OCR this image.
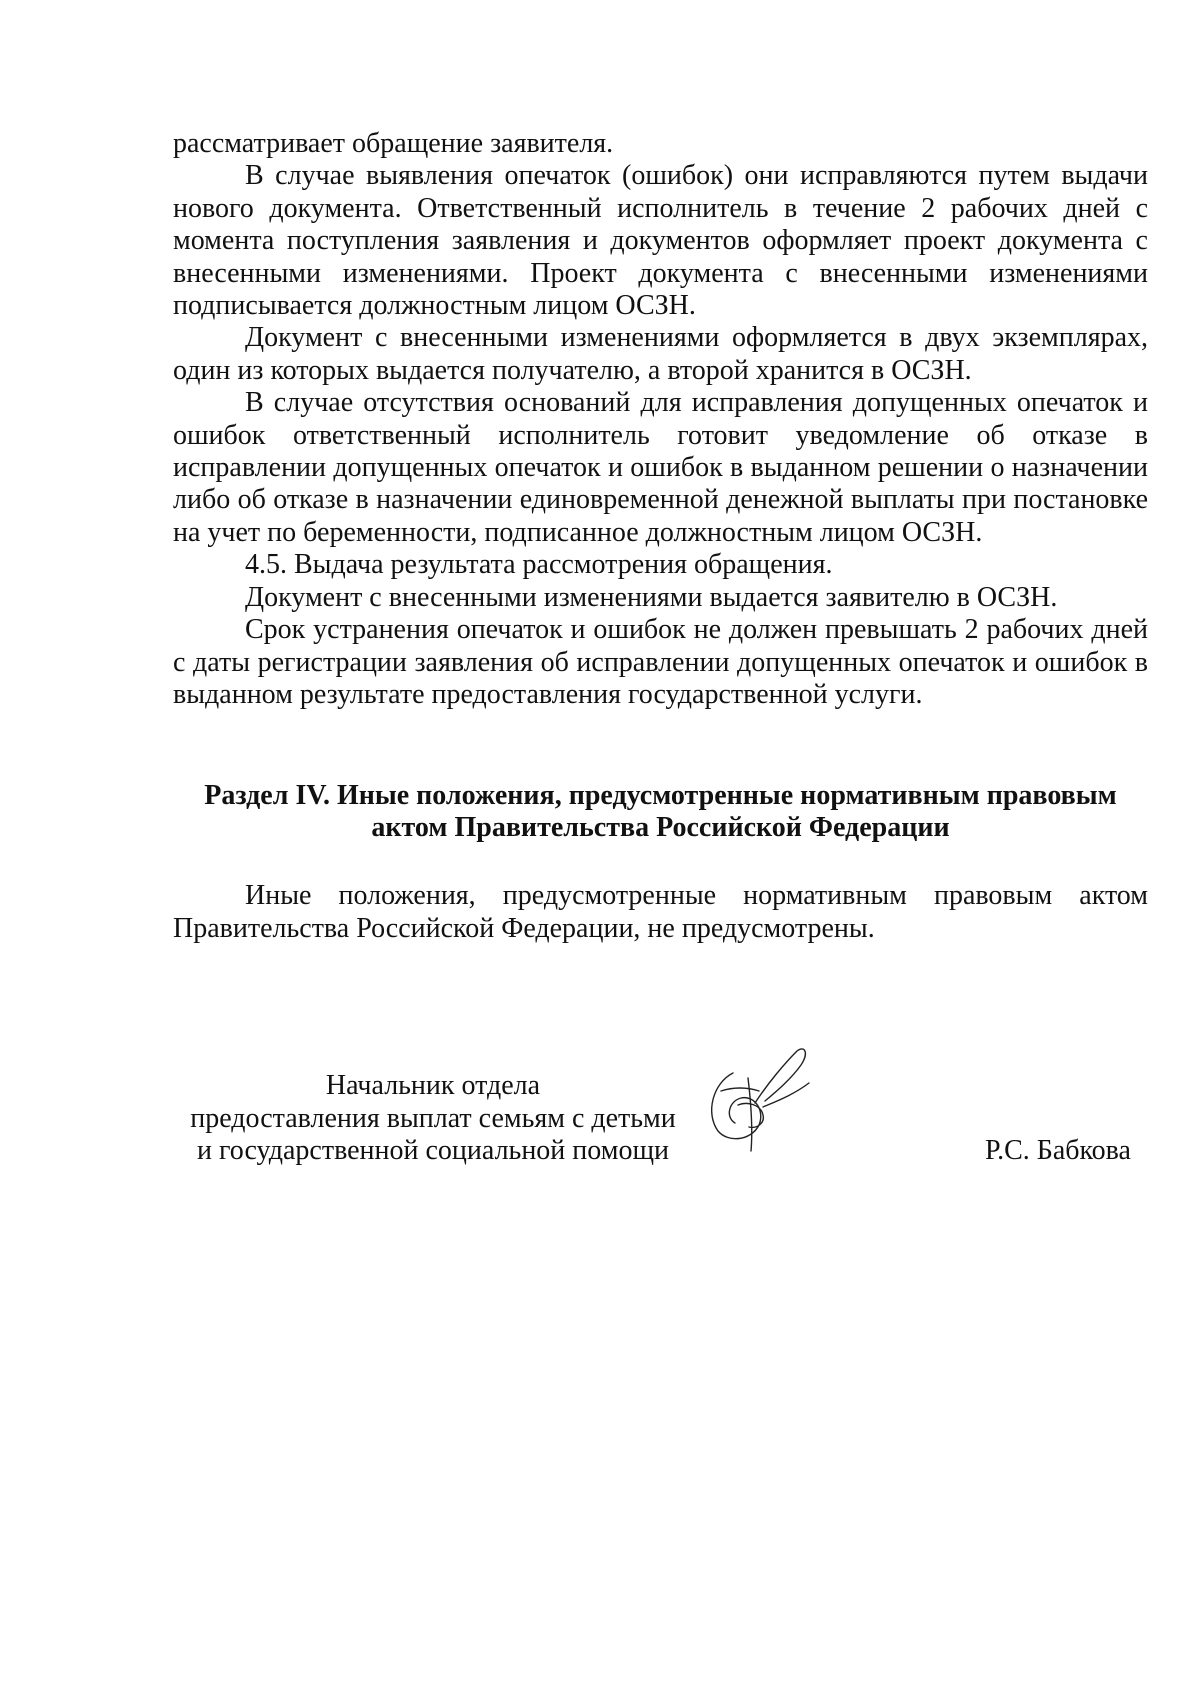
рассматривает обращение заявителя.

В случае выявления опечаток (ошибок) они исправляются путем выдачи нового документа. Ответственный исполнитель в течение 2 рабочих дней с момента поступления заявления и документов оформляет проект документа с внесенными изменениями. Проект документа с внесенными изменениями подписывается должностным лицом ОСЗН.

Документ с внесенными изменениями оформляется в двух экземплярах, один из которых выдается получателю, а второй хранится в ОСЗН.

В случае отсутствия оснований для исправления допущенных опечаток и ошибок ответственный исполнитель готовит уведомление об отказе в исправлении допущенных опечаток и ошибок в выданном решении о назначении либо об отказе в назначении единовременной денежной выплаты при постановке на учет по беременности, подписанное должностным лицом ОСЗН.

4.5. Выдача результата рассмотрения обращения.

Документ с внесенными изменениями выдается заявителю в ОСЗН.

Срок устранения опечаток и ошибок не должен превышать 2 рабочих дней с даты регистрации заявления об исправлении допущенных опечаток и ошибок в выданном результате предоставления государственной услуги.

Раздел IV. Иные положения, предусмотренные нормативным правовым
актом Правительства Российской Федерации

Иные положения, предусмотренные нормативным правовым актом Правительства Российской Федерации, не предусмотрены.

Начальник отдела
предоставления выплат семьям с детьми
и государственной социальной помощи	Р.С. Бабкова
